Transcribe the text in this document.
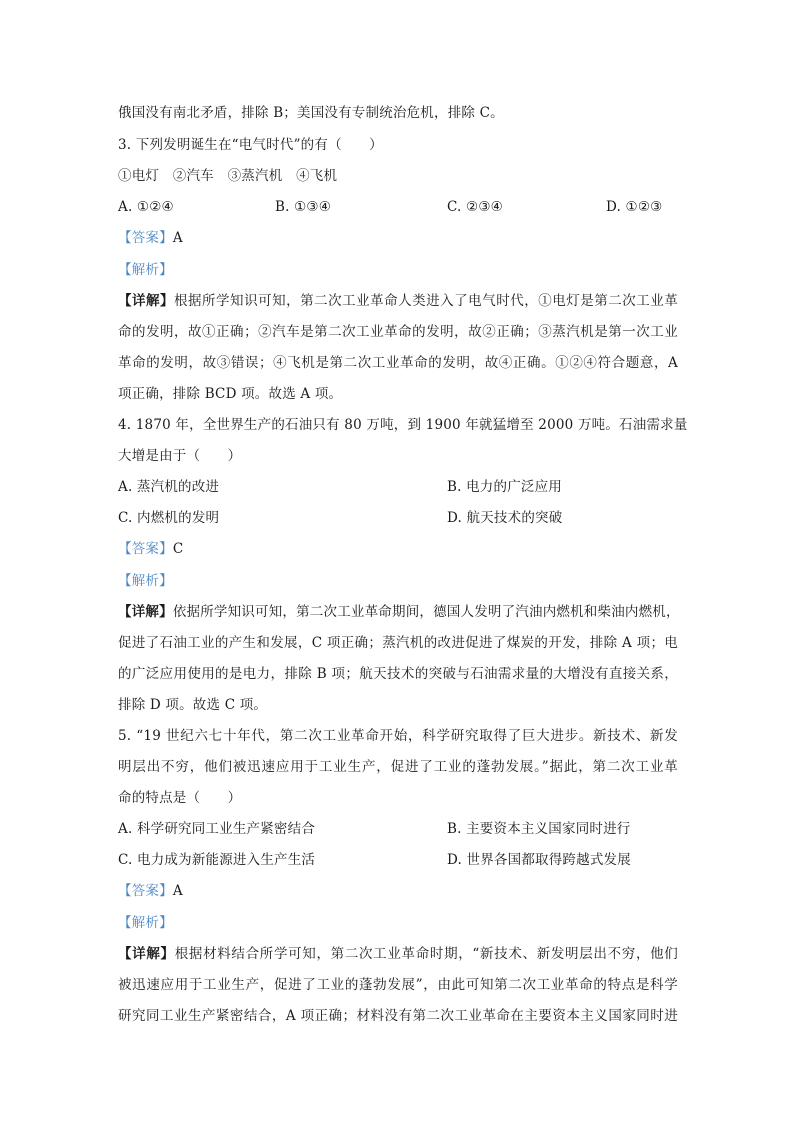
俄国没有南北矛盾，排除 B；美国没有专制统治危机，排除 C。
3. 下列发明诞生在“电气时代”的有（　　）
①电灯　②汽车　③蒸汽机　④飞机
A. ①②④	B. ①③④	C. ②③④	D. ①②③
【答案】A
【解析】
【详解】根据所学知识可知，第二次工业革命人类进入了电气时代，①电灯是第二次工业革
命的发明，故①正确；②汽车是第二次工业革命的发明，故②正确；③蒸汽机是第一次工业
革命的发明，故③错误；④飞机是第二次工业革命的发明，故④正确。①②④符合题意，A
项正确，排除 BCD 项。故选 A 项。
4. 1870 年，全世界生产的石油只有 80 万吨，到 1900 年就猛增至 2000 万吨。石油需求量
大增是由于（　　）
A. 蒸汽机的改进	B. 电力的广泛应用
C. 内燃机的发明	D. 航天技术的突破
【答案】C
【解析】
【详解】依据所学知识可知，第二次工业革命期间，德国人发明了汽油内燃机和柴油内燃机，
促进了石油工业的产生和发展，C 项正确；蒸汽机的改进促进了煤炭的开发，排除 A 项；电
的广泛应用使用的是电力，排除 B 项；航天技术的突破与石油需求量的大增没有直接关系，
排除 D 项。故选 C 项。
5. “19 世纪六七十年代，第二次工业革命开始，科学研究取得了巨大进步。新技术、新发
明层出不穷，他们被迅速应用于工业生产，促进了工业的蓬勃发展。”据此，第二次工业革
命的特点是（　　）
A. 科学研究同工业生产紧密结合	B. 主要资本主义国家同时进行
C. 电力成为新能源进入生产生活	D. 世界各国都取得跨越式发展
【答案】A
【解析】
【详解】根据材料结合所学可知，第二次工业革命时期，“新技术、新发明层出不穷，他们
被迅速应用于工业生产，促进了工业的蓬勃发展”，由此可知第二次工业革命的特点是科学
研究同工业生产紧密结合，A 项正确；材料没有第二次工业革命在主要资本主义国家同时进
